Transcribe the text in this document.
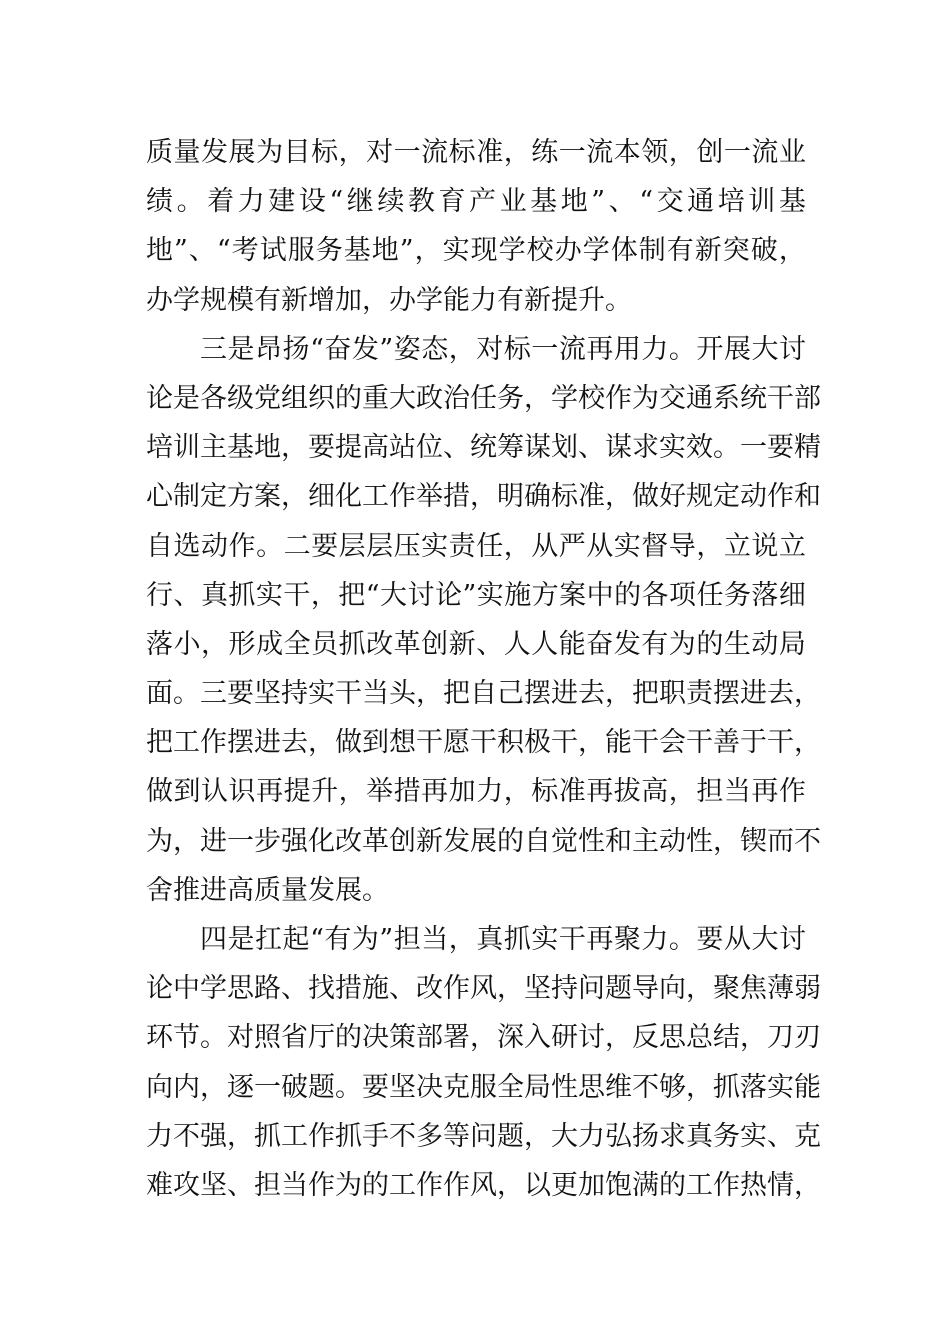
质 量 发 展 为 目 标 ， 对 一 流 标 准 ， 练 一 流 本 领 ， 创 一 流 业
绩 。 着 力 建 设 “ 继 续 教 育 产 业 基 地 ” 、 “ 交 通 培 训 基
地 ” 、 “ 考 试 服 务 基 地 ” ， 实 现 学 校 办 学 体 制 有 新 突 破 ，
办学规模有新增加，办学能力有新提升。
三 是 昂 扬 “ 奋 发 ” 姿 态 ， 对 标 一 流 再 用 力 。 开 展 大 讨
论 是 各 级 党 组 织 的 重 大 政 治 任 务 ， 学 校 作 为 交 通 系 统 干 部
培 训 主 基 地 ， 要 提 高 站 位 、 统 筹 谋 划 、 谋 求 实 效 。 一 要 精
心 制 定 方 案 ， 细 化 工 作 举 措 ， 明 确 标 准 ， 做 好 规 定 动 作 和
自 选 动 作 。 二 要 层 层 压 实 责 任 ， 从 严 从 实 督 导 ， 立 说 立
行 、 真 抓 实 干 ， 把 “ 大 讨 论 ” 实 施 方 案 中 的 各 项 任 务 落 细
落 小 ， 形 成 全 员 抓 改 革 创 新 、 人 人 能 奋 发 有 为 的 生 动 局
面 。 三 要 坚 持 实 干 当 头 ， 把 自 己 摆 进 去 ， 把 职 责 摆 进 去 ，
把 工 作 摆 进 去 ， 做 到 想 干 愿 干 积 极 干 ， 能 干 会 干 善 于 干 ，
做 到 认 识 再 提 升 ， 举 措 再 加 力 ， 标 准 再 拔 高 ， 担 当 再 作
为 ， 进 一 步 强 化 改 革 创 新 发 展 的 自 觉 性 和 主 动 性 ， 锲 而 不
舍推进高质量发展。
四 是 扛 起 “ 有 为 ” 担 当 ， 真 抓 实 干 再 聚 力 。 要 从 大 讨
论 中 学 思 路 、 找 措 施 、 改 作 风 ， 坚 持 问 题 导 向 ， 聚 焦 薄 弱
环 节 。 对 照 省 厅 的 决 策 部 署 ， 深 入 研 讨 ， 反 思 总 结 ， 刀 刃
向 内 ， 逐 一 破 题 。 要 坚 决 克 服 全 局 性 思 维 不 够 ， 抓 落 实 能
力 不 强 ， 抓 工 作 抓 手 不 多 等 问 题 ， 大 力 弘 扬 求 真 务 实 、 克
难 攻 坚 、 担 当 作 为 的 工 作 作 风 ， 以 更 加 饱 满 的 工 作 热 情 ，
